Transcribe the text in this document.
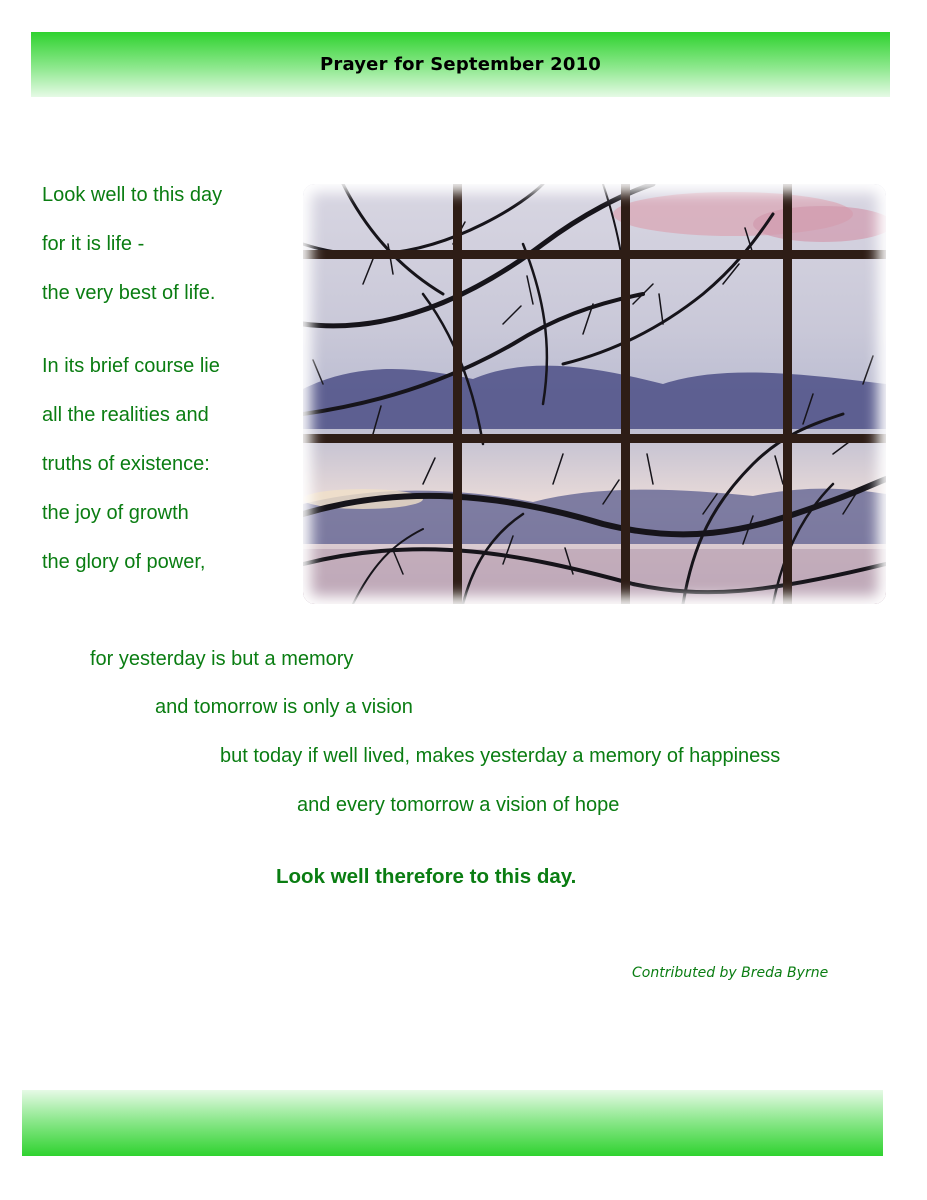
Prayer for September 2010
Look well to this day
for it is life -
the very best of life.
In its brief course lie
all the realities and
truths of existence:
the joy of growth
the glory of power,
for yesterday is but a memory
and tomorrow is only a vision
but today if well lived, makes yesterday a memory of happiness
and every tomorrow a vision of hope
Look well therefore to this day.
Contributed by Breda Byrne
